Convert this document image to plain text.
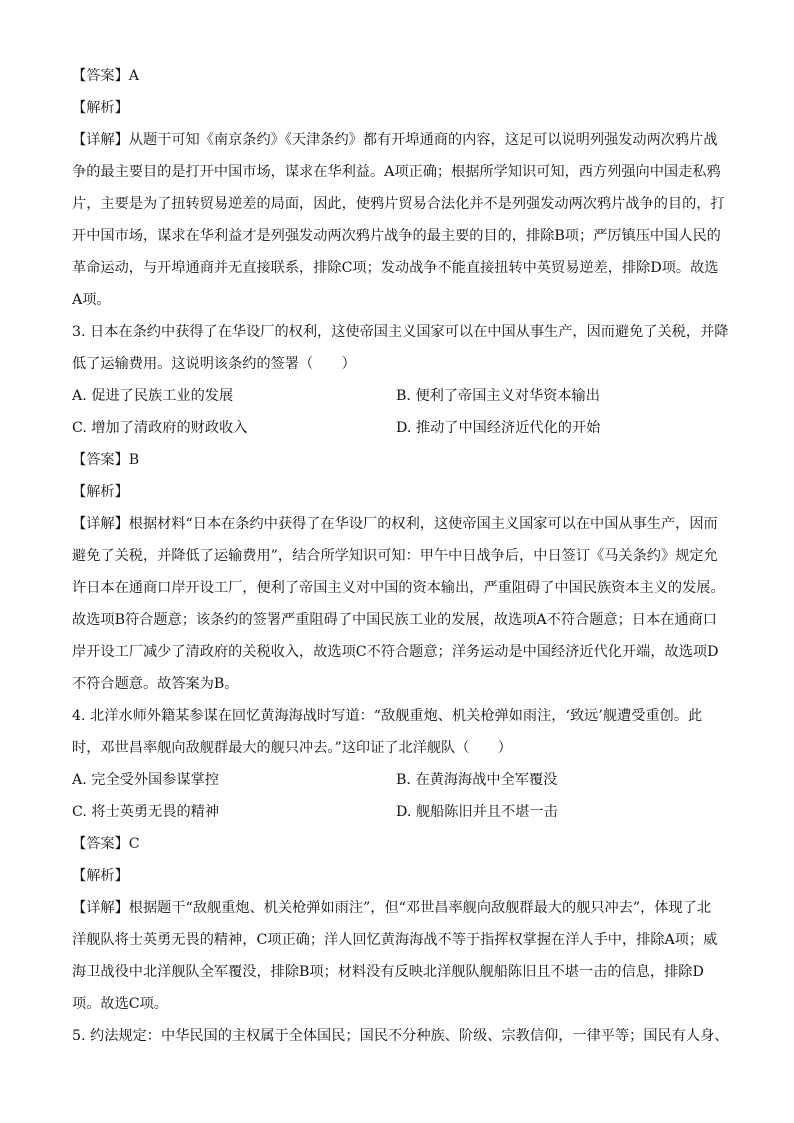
【答案】A
【解析】
【详解】从题干可知《南京条约》《天津条约》都有开埠通商的内容，这足可以说明列强发动两次鸦片战
争的最主要目的是打开中国市场，谋求在华利益。A项正确；根据所学知识可知，西方列强向中国走私鸦
片，主要是为了扭转贸易逆差的局面，因此，使鸦片贸易合法化并不是列强发动两次鸦片战争的目的，打
开中国市场，谋求在华利益才是列强发动两次鸦片战争的最主要的目的，排除B项；严厉镇压中国人民的
革命运动，与开埠通商并无直接联系，排除C项；发动战争不能直接扭转中英贸易逆差，排除D项。故选
A项。
3. 日本在条约中获得了在华设厂的权利，这使帝国主义国家可以在中国从事生产，因而避免了关税，并降
低了运输费用。这说明该条约的签署（　　）
A. 促进了民族工业的发展	B. 便利了帝国主义对华资本输出
C. 增加了清政府的财政收入	D. 推动了中国经济近代化的开始
【答案】B
【解析】
【详解】根据材料“日本在条约中获得了在华设厂的权利，这使帝国主义国家可以在中国从事生产，因而
避免了关税，并降低了运输费用”，结合所学知识可知：甲午中日战争后，中日签订《马关条约》规定允
许日本在通商口岸开设工厂，便利了帝国主义对中国的资本输出，严重阻碍了中国民族资本主义的发展。
故选项B符合题意；该条约的签署严重阻碍了中国民族工业的发展，故选项A不符合题意；日本在通商口
岸开设工厂减少了清政府的关税收入，故选项C不符合题意；洋务运动是中国经济近代化开端，故选项D
不符合题意。故答案为B。
4. 北洋水师外籍某参谋在回忆黄海海战时写道：“敌舰重炮、机关枪弹如雨注，‘致远’舰遭受重创。此
时，邓世昌率舰向敌舰群最大的舰只冲去。”这印证了北洋舰队（　　）
A. 完全受外国参谋掌控	B. 在黄海海战中全军覆没
C. 将士英勇无畏的精神	D. 舰船陈旧并且不堪一击
【答案】C
【解析】
【详解】根据题干“敌舰重炮、机关枪弹如雨注”，但“邓世昌率舰向敌舰群最大的舰只冲去”，体现了北
洋舰队将士英勇无畏的精神，C项正确；洋人回忆黄海海战不等于指挥权掌握在洋人手中，排除A项；威
海卫战役中北洋舰队全军覆没，排除B项；材料没有反映北洋舰队舰船陈旧且不堪一击的信息，排除D
项。故选C项。
5. 约法规定：中华民国的主权属于全体国民；国民不分种族、阶级、宗教信仰，一律平等；国民有人身、
